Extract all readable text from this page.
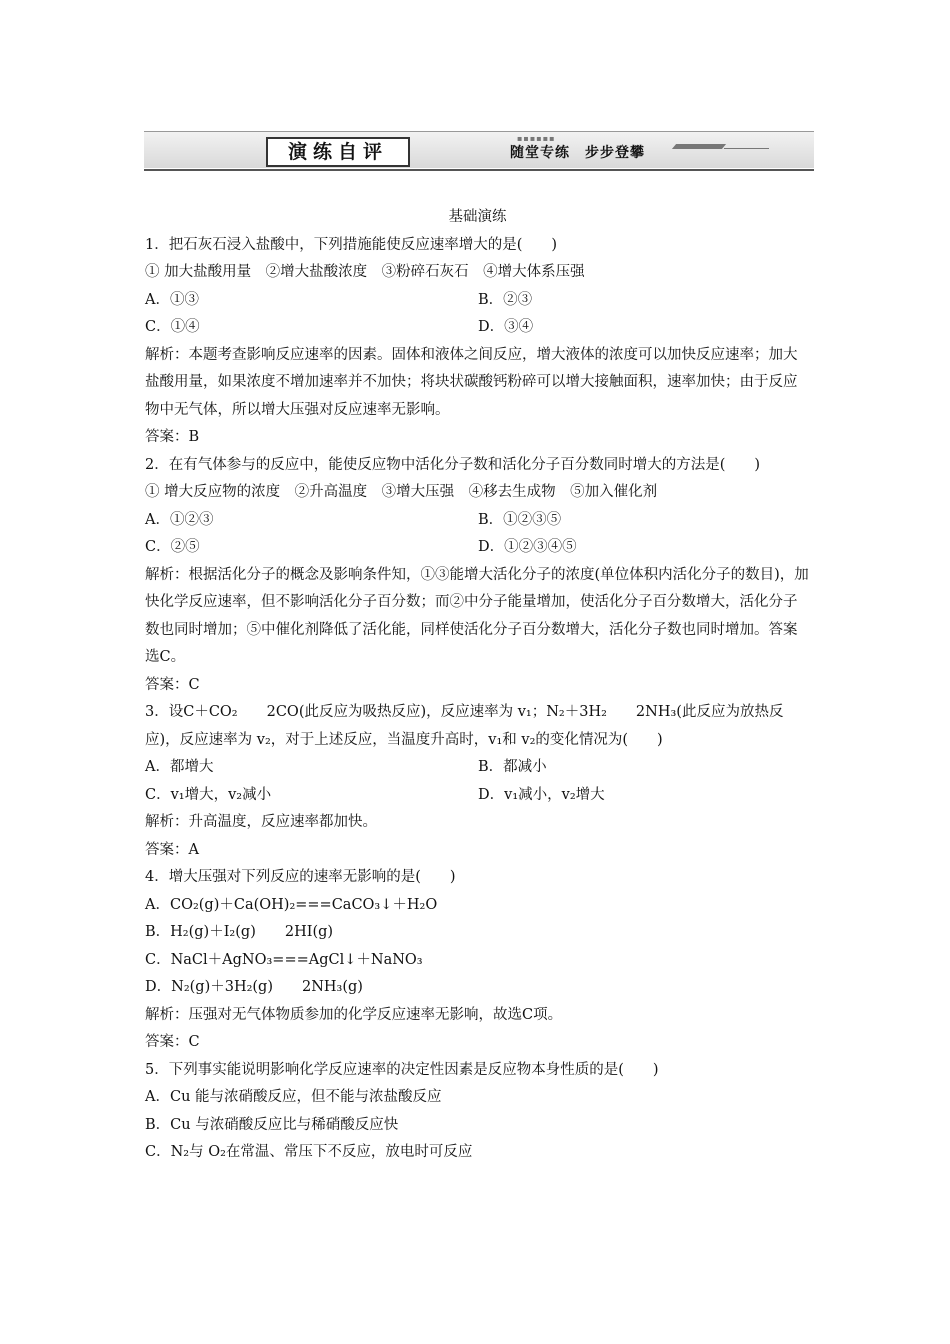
演练自评
▪▪▪▪▪▪
随堂专练　步步登攀

基础演练

1．把石灰石浸入盐酸中，下列措施能使反应速率增大的是(　　)

① 加大盐酸用量　②增大盐酸浓度　③粉碎石灰石　④增大体系压强

A．①③	B．②③

C．①④	D．③④

解析：本题考查影响反应速率的因素。固体和液体之间反应，增大液体的浓度可以加快反应速率；加大盐酸用量，如果浓度不增加速率并不加快；将块状碳酸钙粉碎可以增大接触面积，速率加快；由于反应物中无气体，所以增大压强对反应速率无影响。

答案：B

2．在有气体参与的反应中，能使反应物中活化分子数和活化分子百分数同时增大的方法是(　　)

① 增大反应物的浓度　②升高温度　③增大压强　④移去生成物　⑤加入催化剂

A．①②③	B．①②③⑤

C．②⑤	D．①②③④⑤

解析：根据活化分子的概念及影响条件知，①③能增大活化分子的浓度(单位体积内活化分子的数目)，加快化学反应速率，但不影响活化分子百分数；而②中分子能量增加，使活化分子百分数增大，活化分子数也同时增加；⑤中催化剂降低了活化能，同样使活化分子百分数增大，活化分子数也同时增加。答案选C。

答案：C

3．设C＋CO₂　　2CO(此反应为吸热反应)，反应速率为 v₁；N₂＋3H₂　　2NH₃(此反应为放热反应)，反应速率为 v₂，对于上述反应，当温度升高时，v₁和 v₂的变化情况为(　　)

A．都增大	B．都减小

C．v₁增大，v₂减小	D．v₁减小，v₂增大

解析：升高温度，反应速率都加快。

答案：A

4．增大压强对下列反应的速率无影响的是(　　)

A．CO₂(g)＋Ca(OH)₂===CaCO₃↓＋H₂O

B．H₂(g)＋I₂(g)　　2HI(g)

C．NaCl＋AgNO₃===AgCl↓＋NaNO₃

D．N₂(g)＋3H₂(g)　　2NH₃(g)

解析：压强对无气体物质参加的化学反应速率无影响，故选C项。

答案：C

5．下列事实能说明影响化学反应速率的决定性因素是反应物本身性质的是(　　)

A．Cu 能与浓硝酸反应，但不能与浓盐酸反应

B．Cu 与浓硝酸反应比与稀硝酸反应快

C．N₂与 O₂在常温、常压下不反应，放电时可反应
